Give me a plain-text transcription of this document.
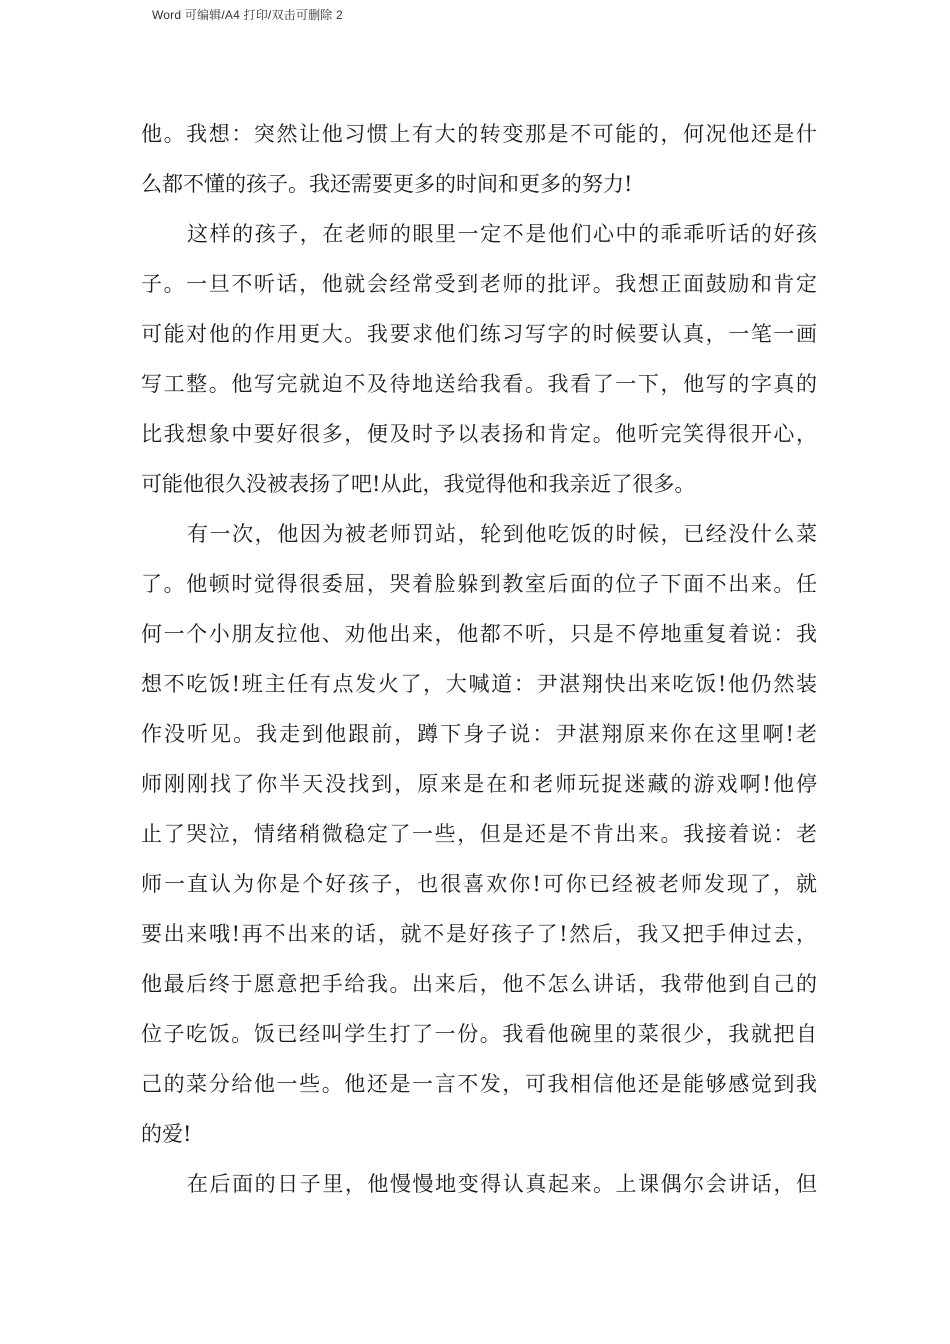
Word 可编辑/A4 打印/双击可删除 2
他。我想：突然让他习惯上有大的转变那是不可能的，何况他还是什
么都不懂的孩子。我还需要更多的时间和更多的努力!
这样的孩子，在老师的眼里一定不是他们心中的乖乖听话的好孩
子。一旦不听话，他就会经常受到老师的批评。我想正面鼓励和肯定
可能对他的作用更大。我要求他们练习写字的时候要认真，一笔一画
写工整。他写完就迫不及待地送给我看。我看了一下，他写的字真的
比我想象中要好很多，便及时予以表扬和肯定。他听完笑得很开心，
可能他很久没被表扬了吧!从此，我觉得他和我亲近了很多。
有一次，他因为被老师罚站，轮到他吃饭的时候，已经没什么菜
了。他顿时觉得很委屈，哭着脸躲到教室后面的位子下面不出来。任
何一个小朋友拉他、劝他出来，他都不听，只是不停地重复着说：我
想不吃饭!班主任有点发火了，大喊道：尹湛翔快出来吃饭!他仍然装
作没听见。我走到他跟前，蹲下身子说：尹湛翔原来你在这里啊!老
师刚刚找了你半天没找到，原来是在和老师玩捉迷藏的游戏啊!他停
止了哭泣，情绪稍微稳定了一些，但是还是不肯出来。我接着说：老
师一直认为你是个好孩子，也很喜欢你!可你已经被老师发现了，就
要出来哦!再不出来的话，就不是好孩子了!然后，我又把手伸过去，
他最后终于愿意把手给我。出来后，他不怎么讲话，我带他到自己的
位子吃饭。饭已经叫学生打了一份。我看他碗里的菜很少，我就把自
己的菜分给他一些。他还是一言不发，可我相信他还是能够感觉到我
的爱!
在后面的日子里，他慢慢地变得认真起来。上课偶尔会讲话，但
